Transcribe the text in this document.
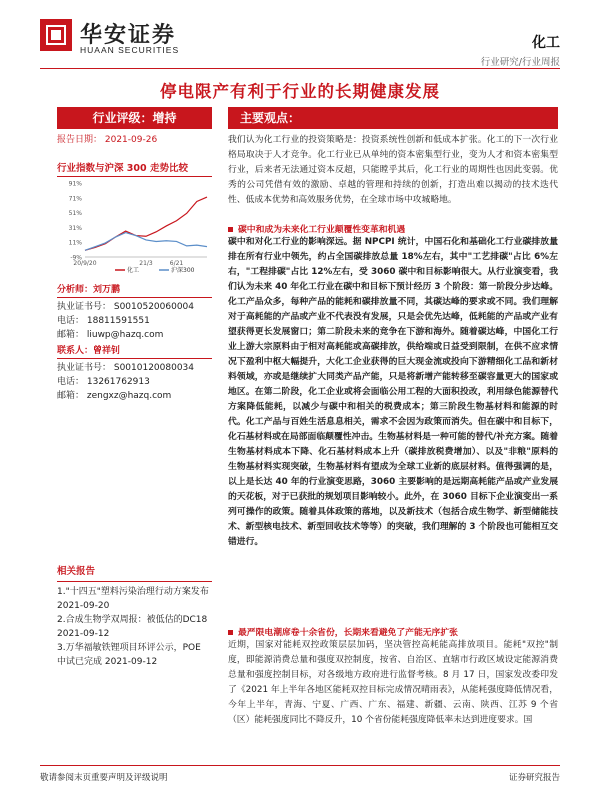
华安证券
HUAAN SECURITIES	化工
行业研究/行业周报
停电限产有利于行业的长期健康发展
行业评级：增持
报告日期： 2021-09-26
行业指数与沪深 300 走势比较
91%
71%
51%
31%
11%
-9%
20/9/20	21/3	6/21
化工	沪深300
分析师：刘万鹏
执业证书号： S0010520060004
电话： 18811591551
邮箱： liuwp@hazq.com
联系人：曾祥钊
执业证书号： S0010120080034
电话： 13261762913
邮箱： zengxz@hazq.com
相关报告
1."十四五"塑料污染治理行动方案发布 2021-09-20
2.合成生物学双周报：被低估的DC18 2021-09-12
3.万华福敏铁锂项目环评公示，POE 中试已完成 2021-09-12
主要观点：
我们认为化工行业的投资策略是：投资系统性创新和低成本扩张。化工的下一次行业格局取决于人才竞争。化工行业已从单纯的资本密集型行业，变为人才和资本密集型行业，后来者无法通过资本反超，只能瞠乎其后，化工行业的周期性也因此变弱。优秀的公司凭借有效的激励、卓越的管理和持续的创新，打造出难以揭动的技术迭代性、低成本优势和高效服务优势，在全球市场中攻城略地。
碳中和成为未来化工行业颠覆性变革和机遇
碳中和对化工行业的影响深远。据 NPCPI 统计，中国石化和基础化工行业碳排放量排在所有行业中领先，约占全国碳排放总量 18%左右，其中"工艺排碳"占比 6%左右，"工程排碳"占比 12%左右，受 3060 碳中和目标影响很大。从行业演变看，我们认为未来 40 年化工行业在碳中和目标下预计经历 3 个阶段：第一阶段分步达峰。化工产品众多，每种产品的能耗和碳排放量不同，其碳达峰的要求或不同。我们理解对于高耗能的产品或产业不代表没有发展，只是会优先达峰，低耗能的产品或产业有望获得更长发展窗口；第二阶段未来的竞争在下游和海外。随着碳达峰，中国化工行业上游大宗原料由于相对高耗能或高碳排放，供给端或日益受到限制，在供不应求情况下盈利中枢大幅提升，大化工企业获得的巨大现金流或投向下游精细化工品和新材料领域，亦或是继续扩大同类产品产能，只是将新增产能转移至碳容量更大的国家或地区。在第二阶段，化工企业或将会面临公用工程的大面积投改，利用绿色能源替代方案降低能耗，以减少与碳中和相关的税费成本；第三阶段生物基材料和能源的时代。化工产品与百姓生活息息相关，需求不会因为政策而消失。但在碳中和目标下，化石基材料或在局部面临颠覆性冲击。生物基材料是一种可能的替代/补充方案。随着生物基材料成本下降、化石基材料成本上升（碳排放税费增加）、以及"非粮"原料的生物基材料实现突破，生物基材料有望成为全球工业新的底层材料。值得强调的是，以上是长达 40 年的行业演变思路，3060 主要影响的是远期高耗能产品或产业发展的天花板，对于已获批的规划项目影响较小。此外，在 3060 目标下企业演变出一系列可操作的政策。随着具体政策的落地，以及新技术（包括合成生物学、新型储能技术、新型核电技术、新型回收技术等等）的突破，我们理解的 3 个阶段也可能相互交错进行。
最严限电潮席卷十余省份，长期来看避免了产能无序扩张
近期，国家对能耗双控政策层层加码，坚决管控高耗能高排放项目。能耗"双控"制度，即能源消费总量和强度双控制度，按省、自治区、直辖市行政区域设定能源消费总量和强度控制目标，对各级地方政府进行监督考核。8 月 17 日，国家发改委印发了《2021 年上半年各地区能耗双控目标完成情况晴雨表》，从能耗强度降低情况看，今年上半年，青海、宁夏、广西、广东、福建、新疆、云南、陕西、江苏 9 个省（区）能耗强度同比不降反升，10 个省份能耗强度降低率未达到进度要求。国
敬请参阅末页重要声明及评级说明	证券研究报告
